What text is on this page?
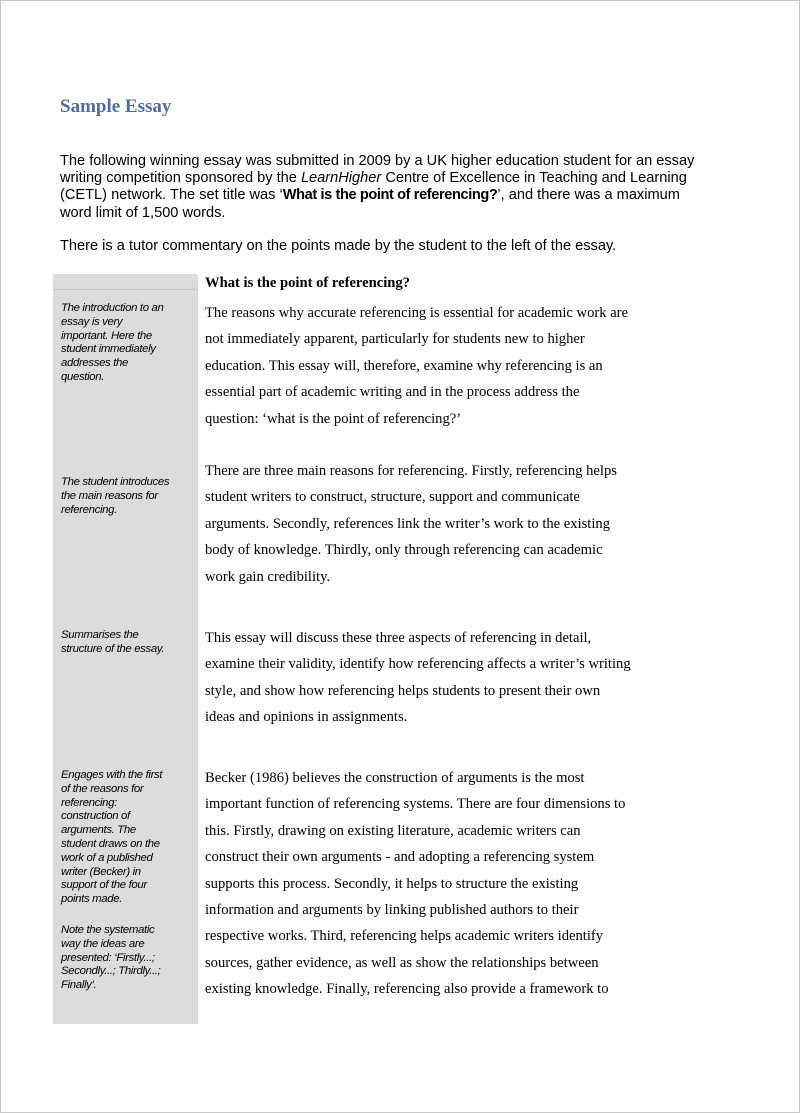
Sample Essay

The following winning essay was submitted in 2009 by a UK higher education student for an essay
writing competition sponsored by the LearnHigher Centre of Excellence in Teaching and Learning
(CETL) network. The set title was ‘What is the point of referencing?’, and there was a maximum
word limit of 1,500 words.

There is a tutor commentary on the points made by the student to the left of the essay.

What is the point of referencing?
The introduction to an
essay is very
important. Here the
student immediately
addresses the
question.
The student introduces
the main reasons for
referencing.
Summarises the
structure of the essay.
Engages with the first
of the reasons for
referencing:
construction of
arguments. The
student draws on the
work of a published
writer (Becker) in
support of the four
points made.
Note the systematic
way the ideas are
presented: ‘Firstly...;
Secondly...; Thirdly...;
Finally’.
The reasons why accurate referencing is essential for academic work are
not immediately apparent, particularly for students new to higher
education. This essay will, therefore, examine why referencing is an
essential part of academic writing and in the process address the
question: ‘what is the point of referencing?’
There are three main reasons for referencing. Firstly, referencing helps
student writers to construct, structure, support and communicate
arguments. Secondly, references link the writer’s work to the existing
body of knowledge. Thirdly, only through referencing can academic
work gain credibility.
This essay will discuss these three aspects of referencing in detail,
examine their validity, identify how referencing affects a writer’s writing
style, and show how referencing helps students to present their own
ideas and opinions in assignments.
Becker (1986) believes the construction of arguments is the most
important function of referencing systems. There are four dimensions to
this. Firstly, drawing on existing literature, academic writers can
construct their own arguments - and adopting a referencing system
supports this process. Secondly, it helps to structure the existing
information and arguments by linking published authors to their
respective works. Third, referencing helps academic writers identify
sources, gather evidence, as well as show the relationships between
existing knowledge. Finally, referencing also provide a framework to
